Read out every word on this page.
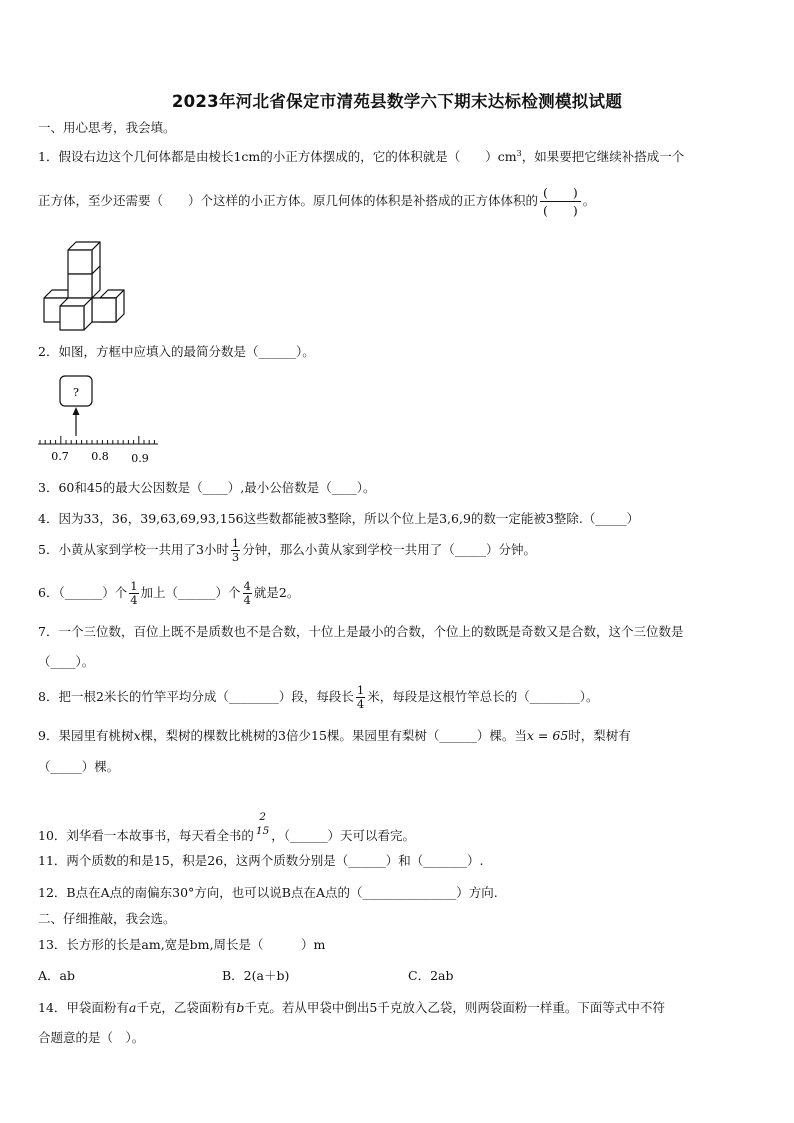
2023年河北省保定市清苑县数学六下期末达标检测模拟试题
一、用心思考，我会填。
1．假设右边这个几何体都是由棱长1cm的小正方体摆成的，它的体积就是（　　）$cm^3$，如果要把它继续补搭成一个
正方体，至少还需要（　　）个这样的小正方体。原几何体的体积是补搭成的正方体体积的 $\frac{( )}{( )}$ 。
2．如图，方框中应填入的最简分数是（______）。
?
0.7 0.8 0.9
3．60和45的最大公因数是（____）,最小公倍数是（____）。
4．因为33，36，39,63,69,93,156这些数都能被3整除，所以个位上是3,6,9的数一定能被3整除.（_____）
5．小黄从家到学校一共用了3小时 $\frac{1}{3}$ 分钟，那么小黄从家到学校一共用了（_____）分钟。
6．（______）个 $\frac{1}{4}$ 加上（______）个 $\frac{4}{4}$ 就是2。
7．一个三位数，百位上既不是质数也不是合数，十位上是最小的合数，个位上的数既是奇数又是合数，这个三位数是
（____）。
8．把一根2米长的竹竿平均分成（________）段，每段长 $\frac{1}{4}$ 米，每段是这根竹竿总长的（________）。
9．果园里有桃树x棵，梨树的棵数比桃树的3倍少15棵。果园里有梨树（______）棵。当x = 65时，梨树有
（_____）棵。
10．刘华看一本故事书，每天看全书的
2
15 ，（______）天可以看完。
11．两个质数的和是15，积是26，这两个质数分别是（______）和（_______）.
12．B点在A点的南偏东30°方向，也可以说B点在A点的（_______________）方向.
二、仔细推敲，我会选。
13．长方形的长是am,宽是bm,周长是（　　　）m
A．ab	B．2(a＋b)	C．2ab
14．甲袋面粉有a千克，乙袋面粉有b千克。若从甲袋中倒出5千克放入乙袋，则两袋面粉一样重。下面等式中不符
合题意的是（　）。
